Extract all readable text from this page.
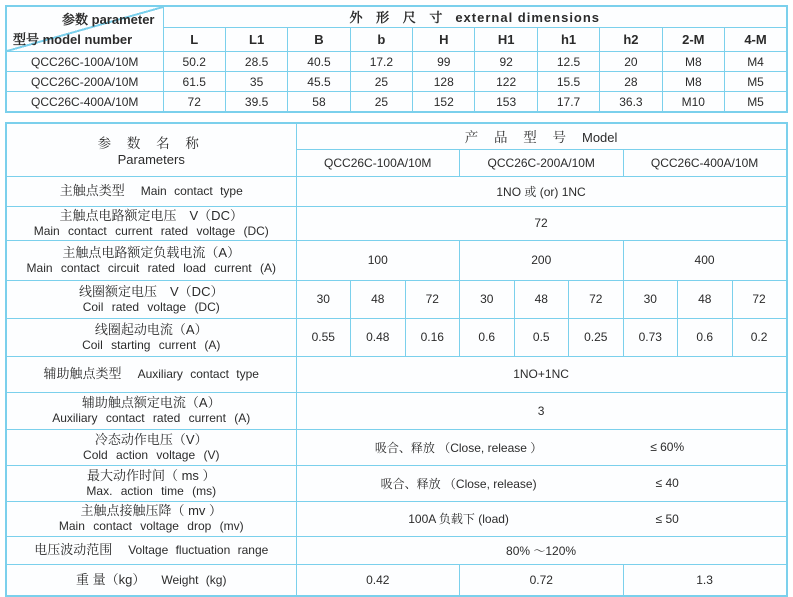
参数 parameter
型号 model number	外 形 尺 寸 external dimensions									
	L	L1	B	b	H	H1	h1	h2	2-M	4-M
QCC26C-100A/10M	50.2	28.5	40.5	17.2	99	92	12.5	20	M8	M4
QCC26C-200A/10M	61.5	35	45.5	25	128	122	15.5	28	M8	M5
QCC26C-400A/10M	72	39.5	58	25	152	153	17.7	36.3	M10	M5
参 数 名 称
Parameters	产 品 型 号 Model								
	QCC26C-100A/10M			QCC26C-200A/10M			QCC26C-400A/10M		
主触点类型 Main contact type	1NO 或 (or) 1NC								

主触点电路额定电压　V（DC）
Main contact current rated voltage (DC)	72								

主触点电路额定负载电流（A）
Main contact circuit rated load current (A)	100			200			400		

线圈额定电压　V（DC）
Coil rated voltage (DC)	30	48	72	30	48	72	30	48	72

线圈起动电流（A）
Coil starting current (A)	0.55	0.48	0.16	0.6	0.5	0.25	0.73	0.6	0.2
辅助触点类型 Auxiliary contact type	1NO+1NC								

辅助触点额定电流（A）
Auxiliary contact rated current (A)	3								

冷态动作电压（V）
Cold action voltage (V)	吸合、释放 （Close, release ） ≤ 60%								

最大动作时间（ ms ）
Max. action time (ms)	吸合、释放 （Close, release) ≤ 40								

主触点接触压降（ mv ）
Main contact voltage drop (mv)	100A 负载下 (load) ≤ 50								

电压波动范围 Voltage fluctuation range	80% ～120%								
重 量（kg） Weight (kg)	0.42			0.72			1.3		
